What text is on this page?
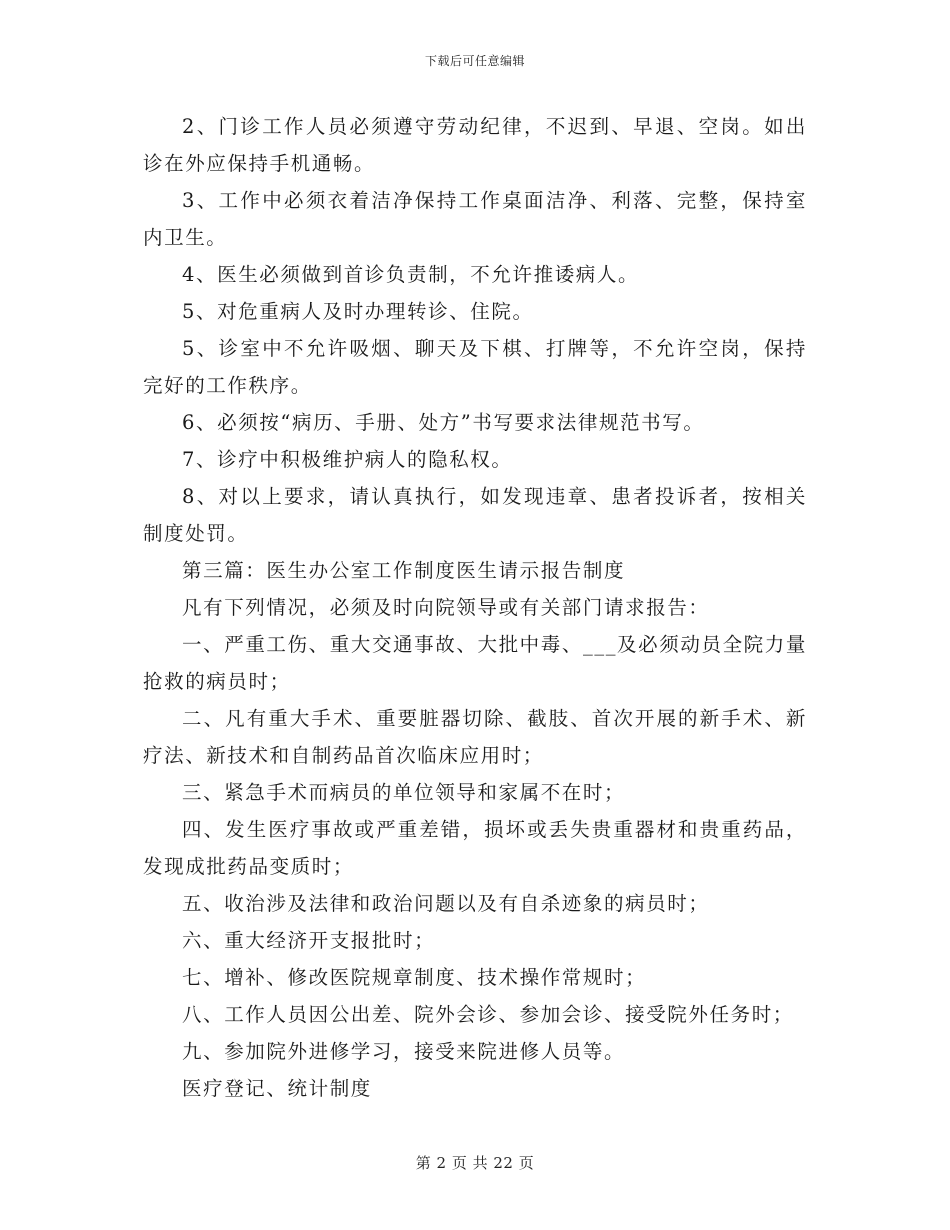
下载后可任意编辑

2、门诊工作人员必须遵守劳动纪律，不迟到、早退、空岗。如出诊在外应保持手机通畅。

3、工作中必须衣着洁净保持工作桌面洁净、利落、完整，保持室内卫生。

4、医生必须做到首诊负责制，不允许推诿病人。

5、对危重病人及时办理转诊、住院。

5、诊室中不允许吸烟、聊天及下棋、打牌等，不允许空岗，保持完好的工作秩序。

6、必须按“病历、手册、处方”书写要求法律规范书写。

7、诊疗中积极维护病人的隐私权。

8、对以上要求，请认真执行，如发现违章、患者投诉者，按相关制度处罚。

第三篇：医生办公室工作制度医生请示报告制度

凡有下列情况，必须及时向院领导或有关部门请求报告：

一、严重工伤、重大交通事故、大批中毒、___及必须动员全院力量抢救的病员时；

二、凡有重大手术、重要脏器切除、截肢、首次开展的新手术、新疗法、新技术和自制药品首次临床应用时；

三、紧急手术而病员的单位领导和家属不在时；

四、发生医疗事故或严重差错，损坏或丢失贵重器材和贵重药品，发现成批药品变质时；

五、收治涉及法律和政治问题以及有自杀迹象的病员时；

六、重大经济开支报批时；

七、增补、修改医院规章制度、技术操作常规时；

八、工作人员因公出差、院外会诊、参加会诊、接受院外任务时；

九、参加院外进修学习，接受来院进修人员等。

医疗登记、统计制度

第 2 页 共 22 页
